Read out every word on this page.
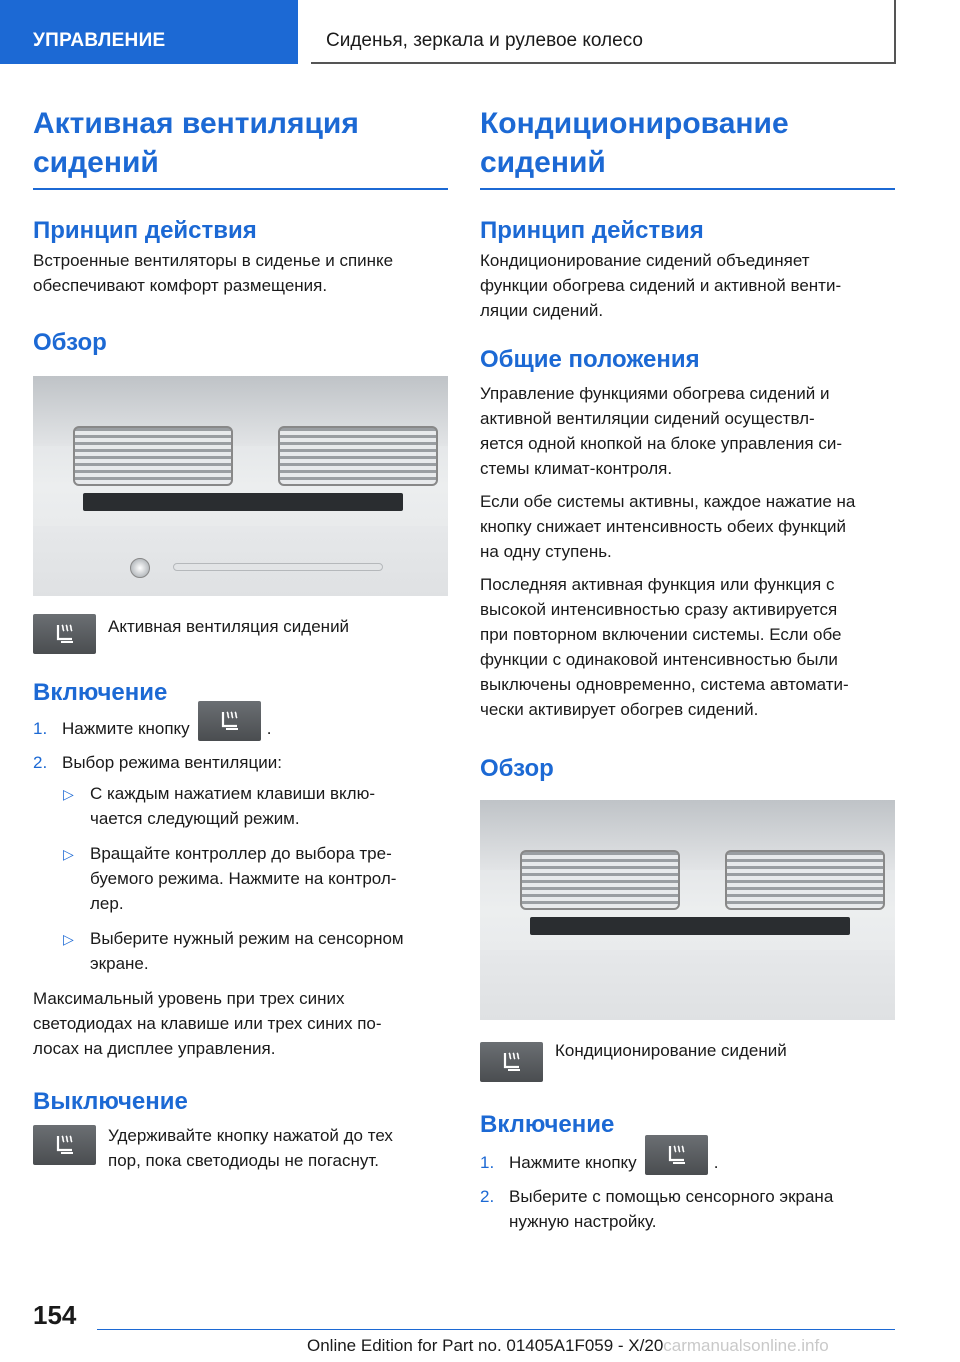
УПРАВЛЕНИЕ	Сиденья, зеркала и рулевое колесо
Активная вентиляция
сидений
Принцип действия

Встроенные вентиляторы в сиденье и спинке
обеспечивают комфорт размещения.

Обзор

Активная вентиляция сидений

Включение
1. Нажмите кнопку	.
2. Выбор режима вентиляции:
▷ С каждым нажатием клавиши вклю-
чается следующий режим.
▷ Вращайте контроллер до выбора тре-
буемого режима. Нажмите на контрол-
лер.
▷ Выберите нужный режим на сенсорном
экране.

Максимальный уровень при трех синих
светодиодах на клавише или трех синих по-
лосах на дисплее управления.

Выключение

Удерживайте кнопку нажатой до тех
пор, пока светодиоды не погаснут.

Кондиционирование
сидений
Принцип действия

Кондиционирование сидений объединяет
функции обогрева сидений и активной венти-
ляции сидений.

Общие положения

Управление функциями обогрева сидений и
активной вентиляции сидений осуществл-
яется одной кнопкой на блоке управления си-
стемы климат-контроля.

Если обе системы активны, каждое нажатие на
кнопку снижает интенсивность обеих функций
на одну ступень.

Последняя активная функция или функция с
высокой интенсивностью сразу активируется
при повторном включении системы. Если обе
функции с одинаковой интенсивностью были
выключены одновременно, система автомати-
чески активирует обогрев сидений.

Обзор

Кондиционирование сидений

Включение
1. Нажмите кнопку	.
2. Выберите с помощью сенсорного экрана
нужную настройку.
154
Online Edition for Part no. 01405A1F059 - X/20carmanualsonline.info
